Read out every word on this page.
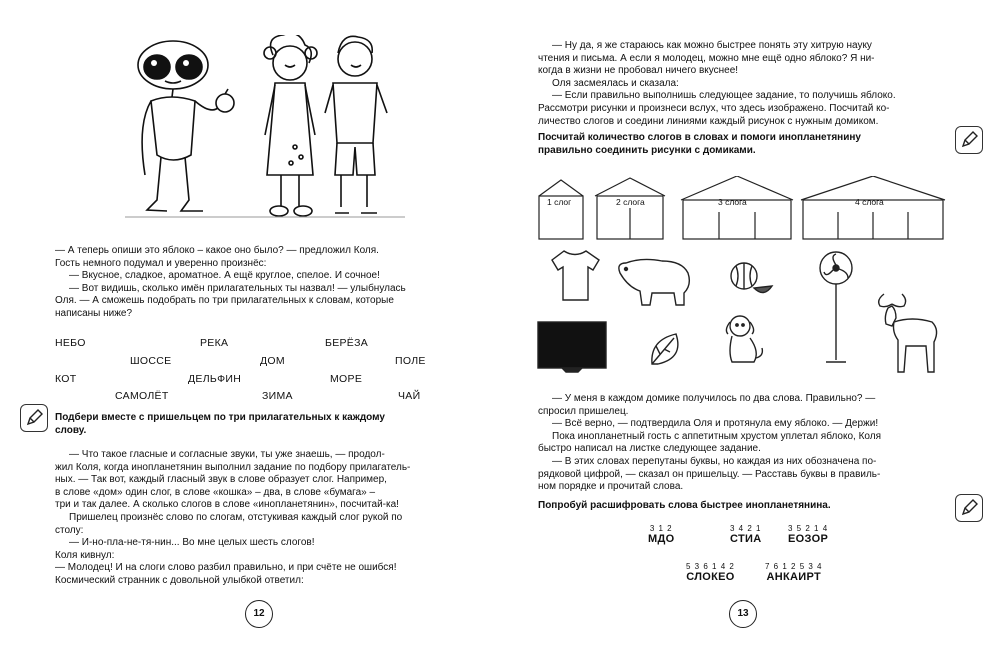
— А теперь опиши это яблоко – какое оно было? — предложил Коля.
Гость немного подумал и уверенно произнёс:
— Вкусное, сладкое, ароматное. А ещё круглое, спелое. И сочное!
— Вот видишь, сколько имён прилагательных ты назвал! — улыбнулась
Оля. — А сможешь подобрать по три прилагательных к словам, которые
написаны ниже?
НЕБО	РЕКА	БЕРЁЗА
ШОССЕ	ДОМ	ПОЛЕ
КОТ	ДЕЛЬФИН	МОРЕ
САМОЛЁТ	ЗИМА	ЧАЙ
Подбери вместе с пришельцем по три прилагательных к каждому
слову.
— Что такое гласные и согласные звуки, ты уже знаешь, — продол-
жил Коля, когда инопланетянин выполнил задание по подбору прилагатель-
ных. — Так вот, каждый гласный звук в слове образует слог. Например,
в слове «дом» один слог, в слове «кошка» – два, в слове «бумага» –
три и так далее. А сколько слогов в слове «инопланетянин», посчитай-ка!
Пришелец произнёс слово по слогам, отстукивая каждый слог рукой по
столу:
— И-но-пла-не-тя-нин... Во мне целых шесть слогов!
Коля кивнул:
— Молодец! И на слоги слово разбил правильно, и при счёте не ошибся!
Космический странник с довольной улыбкой ответил:
12
— Ну да, я же стараюсь как можно быстрее понять эту хитрую науку
чтения и письма. А если я молодец, можно мне ещё одно яблоко? Я ни-
когда в жизни не пробовал ничего вкуснее!
Оля засмеялась и сказала:
— Если правильно выполнишь следующее задание, то получишь яблоко.
Рассмотри рисунки и произнеси вслух, что здесь изображено. Посчитай ко-
личество слогов и соедини линиями каждый рисунок с нужным домиком.
Посчитай количество слогов в словах и помоги инопланетянину
правильно соединить рисунки с домиками.
1 слог	2 слога	3 слога	4 слога
— У меня в каждом домике получилось по два слова. Правильно? —
спросил пришелец.
— Всё верно, — подтвердила Оля и протянула ему яблоко. — Держи!
Пока инопланетный гость с аппетитным хрустом уплетал яблоко, Коля
быстро написал на листке следующее задание.
— В этих словах перепутаны буквы, но каждая из них обозначена по-
рядковой цифрой, — сказал он пришельцу. — Расставь буквы в правиль-
ном порядке и прочитай слова.
Попробуй расшифровать слова быстрее инопланетянина.
3 1 2
МДО
3 4 2 1
СТИА
3 5 2 1 4
ЕОЗОР
5 3 6 1 4 2
СЛОКЕО
7 6 1 2 5 3 4
АНКАИРТ
13
